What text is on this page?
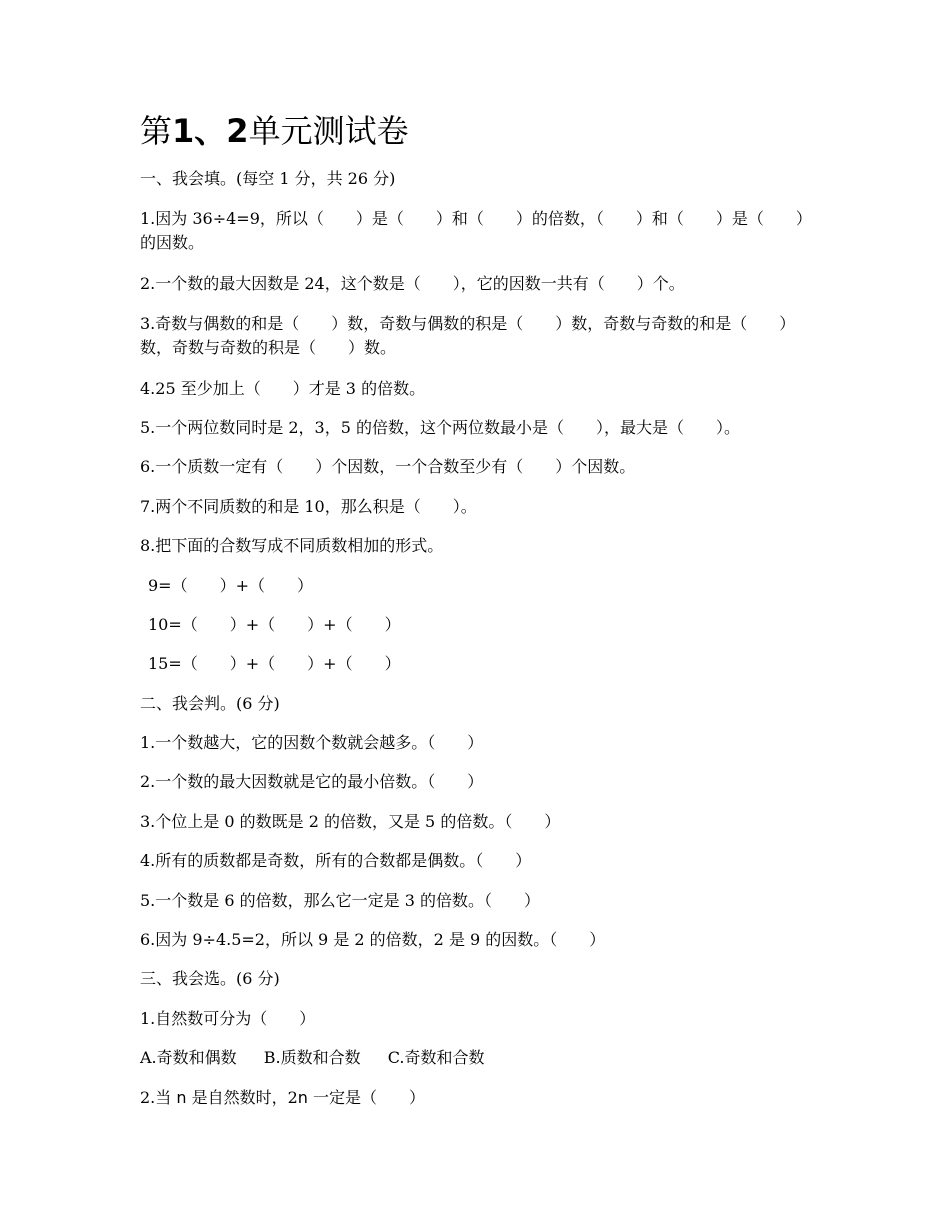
第1、2单元测试卷
一、我会填。(每空 1 分，共 26 分)
1.因为 36÷4=9，所以（　　）是（　　）和（　　）的倍数，（　　）和（　　）是（　　）的因数。
2.一个数的最大因数是 24，这个数是（　　），它的因数一共有（　　）个。
3.奇数与偶数的和是（　　）数，奇数与偶数的积是（　　）数，奇数与奇数的和是（　　）数，奇数与奇数的积是（　　）数。
4.25 至少加上（　　）才是 3 的倍数。
5.一个两位数同时是 2，3，5 的倍数，这个两位数最小是（　　），最大是（　　）。
6.一个质数一定有（　　）个因数，一个合数至少有（　　）个因数。
7.两个不同质数的和是 10，那么积是（　　）。
8.把下面的合数写成不同质数相加的形式。
9=（　　）+（　　）
10=（　　）+（　　）+（　　）
15=（　　）+（　　）+（　　）
二、我会判。(6 分)
1.一个数越大，它的因数个数就会越多。（　　）
2.一个数的最大因数就是它的最小倍数。（　　）
3.个位上是 0 的数既是 2 的倍数，又是 5 的倍数。（　　）
4.所有的质数都是奇数，所有的合数都是偶数。（　　）
5.一个数是 6 的倍数，那么它一定是 3 的倍数。（　　）
6.因为 9÷4.5=2，所以 9 是 2 的倍数，2 是 9 的因数。（　　）
三、我会选。(6 分)
1.自然数可分为（　　）
A.奇数和偶数 B.质数和合数 C.奇数和合数
2.当 n 是自然数时，2n 一定是（　　）
